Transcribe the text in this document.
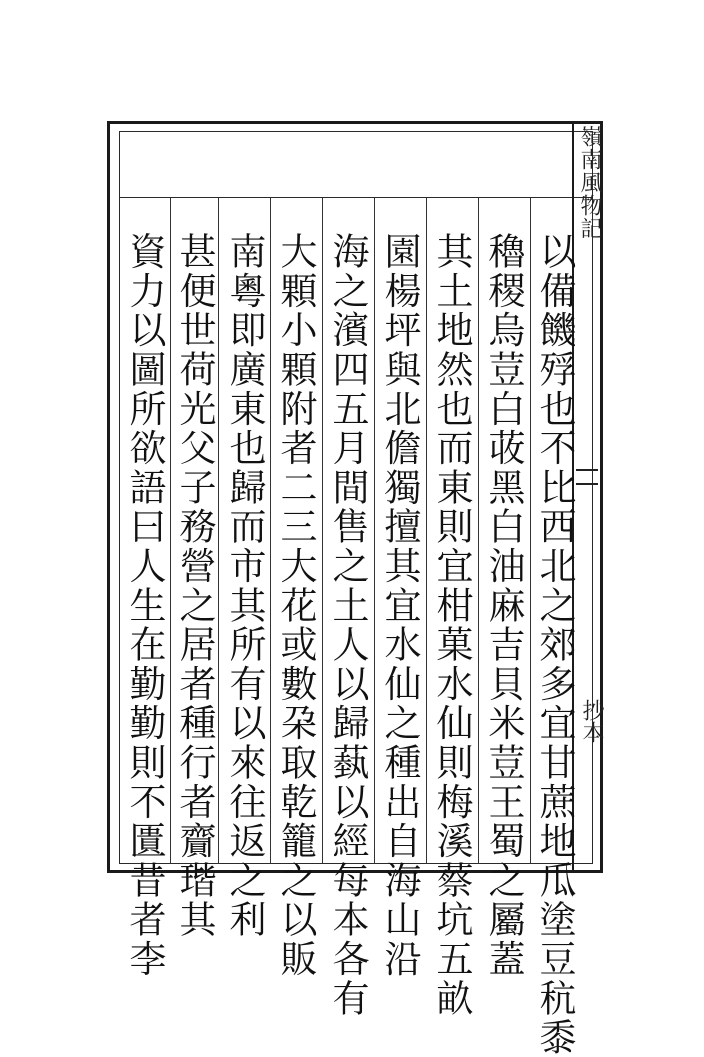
嶺南風物記
抄本
以備饑殍也不比西北之郊多宜甘蔗地瓜塗豆秔黍
穭稷烏荳白荍黑白油麻吉貝米荳王蜀之屬蓋
其土地然也而東則宜柑菓水仙則梅溪蔡坑五畝
園楊坪與北儋獨擅其宜水仙之種出自海山沿
海之濱四五月間售之土人以歸蓺以經每本各有
大顆小顆附者二三大花或數朶取乾籠之以販
南粵即廣東也歸而市其所有以來往返之利
甚便世荷光父子務營之居者種行者齎瑎其
資力以圖所欲語曰人生在勤勤則不匱昔者李
